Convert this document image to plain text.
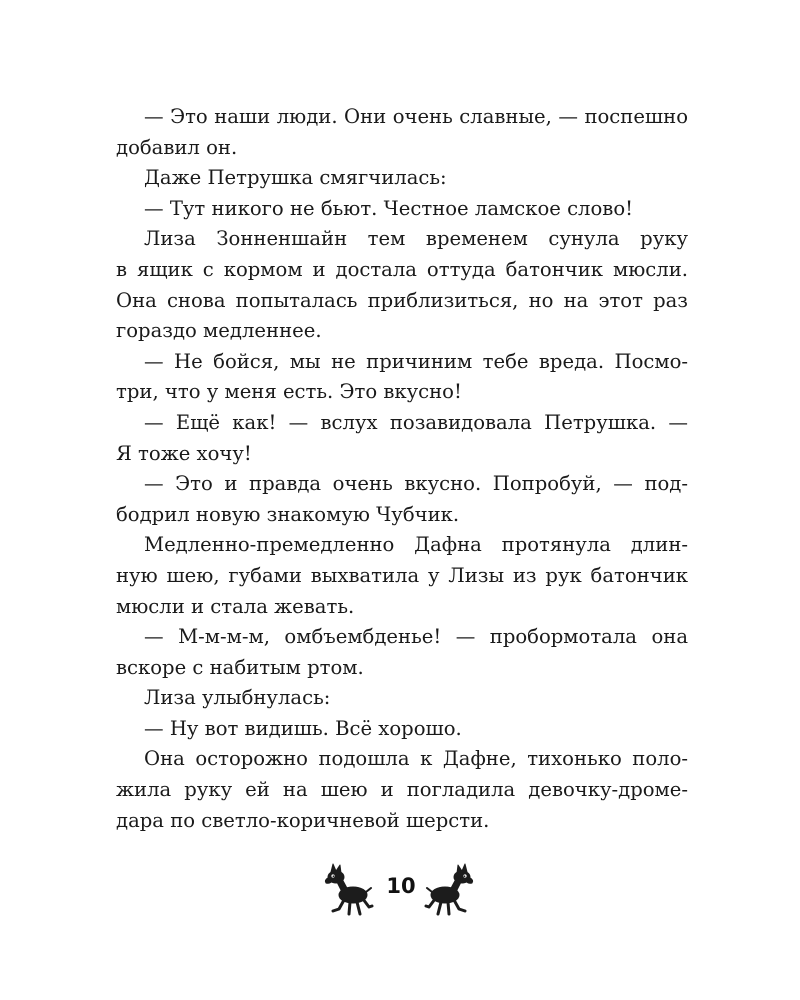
— Это наши люди. Они очень славные, — поспешно
добавил он.
Даже Петрушка смягчилась:
— Тут никого не бьют. Честное ламское слово!
Лиза Зонненшайн тем временем сунула руку
в ящик с кормом и достала оттуда батончик мюсли.
Она снова попыталась приблизиться, но на этот раз
гораздо медленнее.
— Не бойся, мы не причиним тебе вреда. Посмо-
три, что у меня есть. Это вкусно!
— Ещё как! — вслух позавидовала Петрушка. —
Я тоже хочу!
— Это и правда очень вкусно. Попробуй, — под-
бодрил новую знакомую Чубчик.
Медленно-премедленно Дафна протянула длин-
ную шею, губами выхватила у Лизы из рук батончик
мюсли и стала жевать.
— М-м-м-м, омбъембденье! — пробормотала она
вскоре с набитым ртом.
Лиза улыбнулась:
— Ну вот видишь. Всё хорошо.
Она осторожно подошла к Дафне, тихонько поло-
жила руку ей на шею и погладила девочку-дроме-
дара по светло-коричневой шерсти.
10
